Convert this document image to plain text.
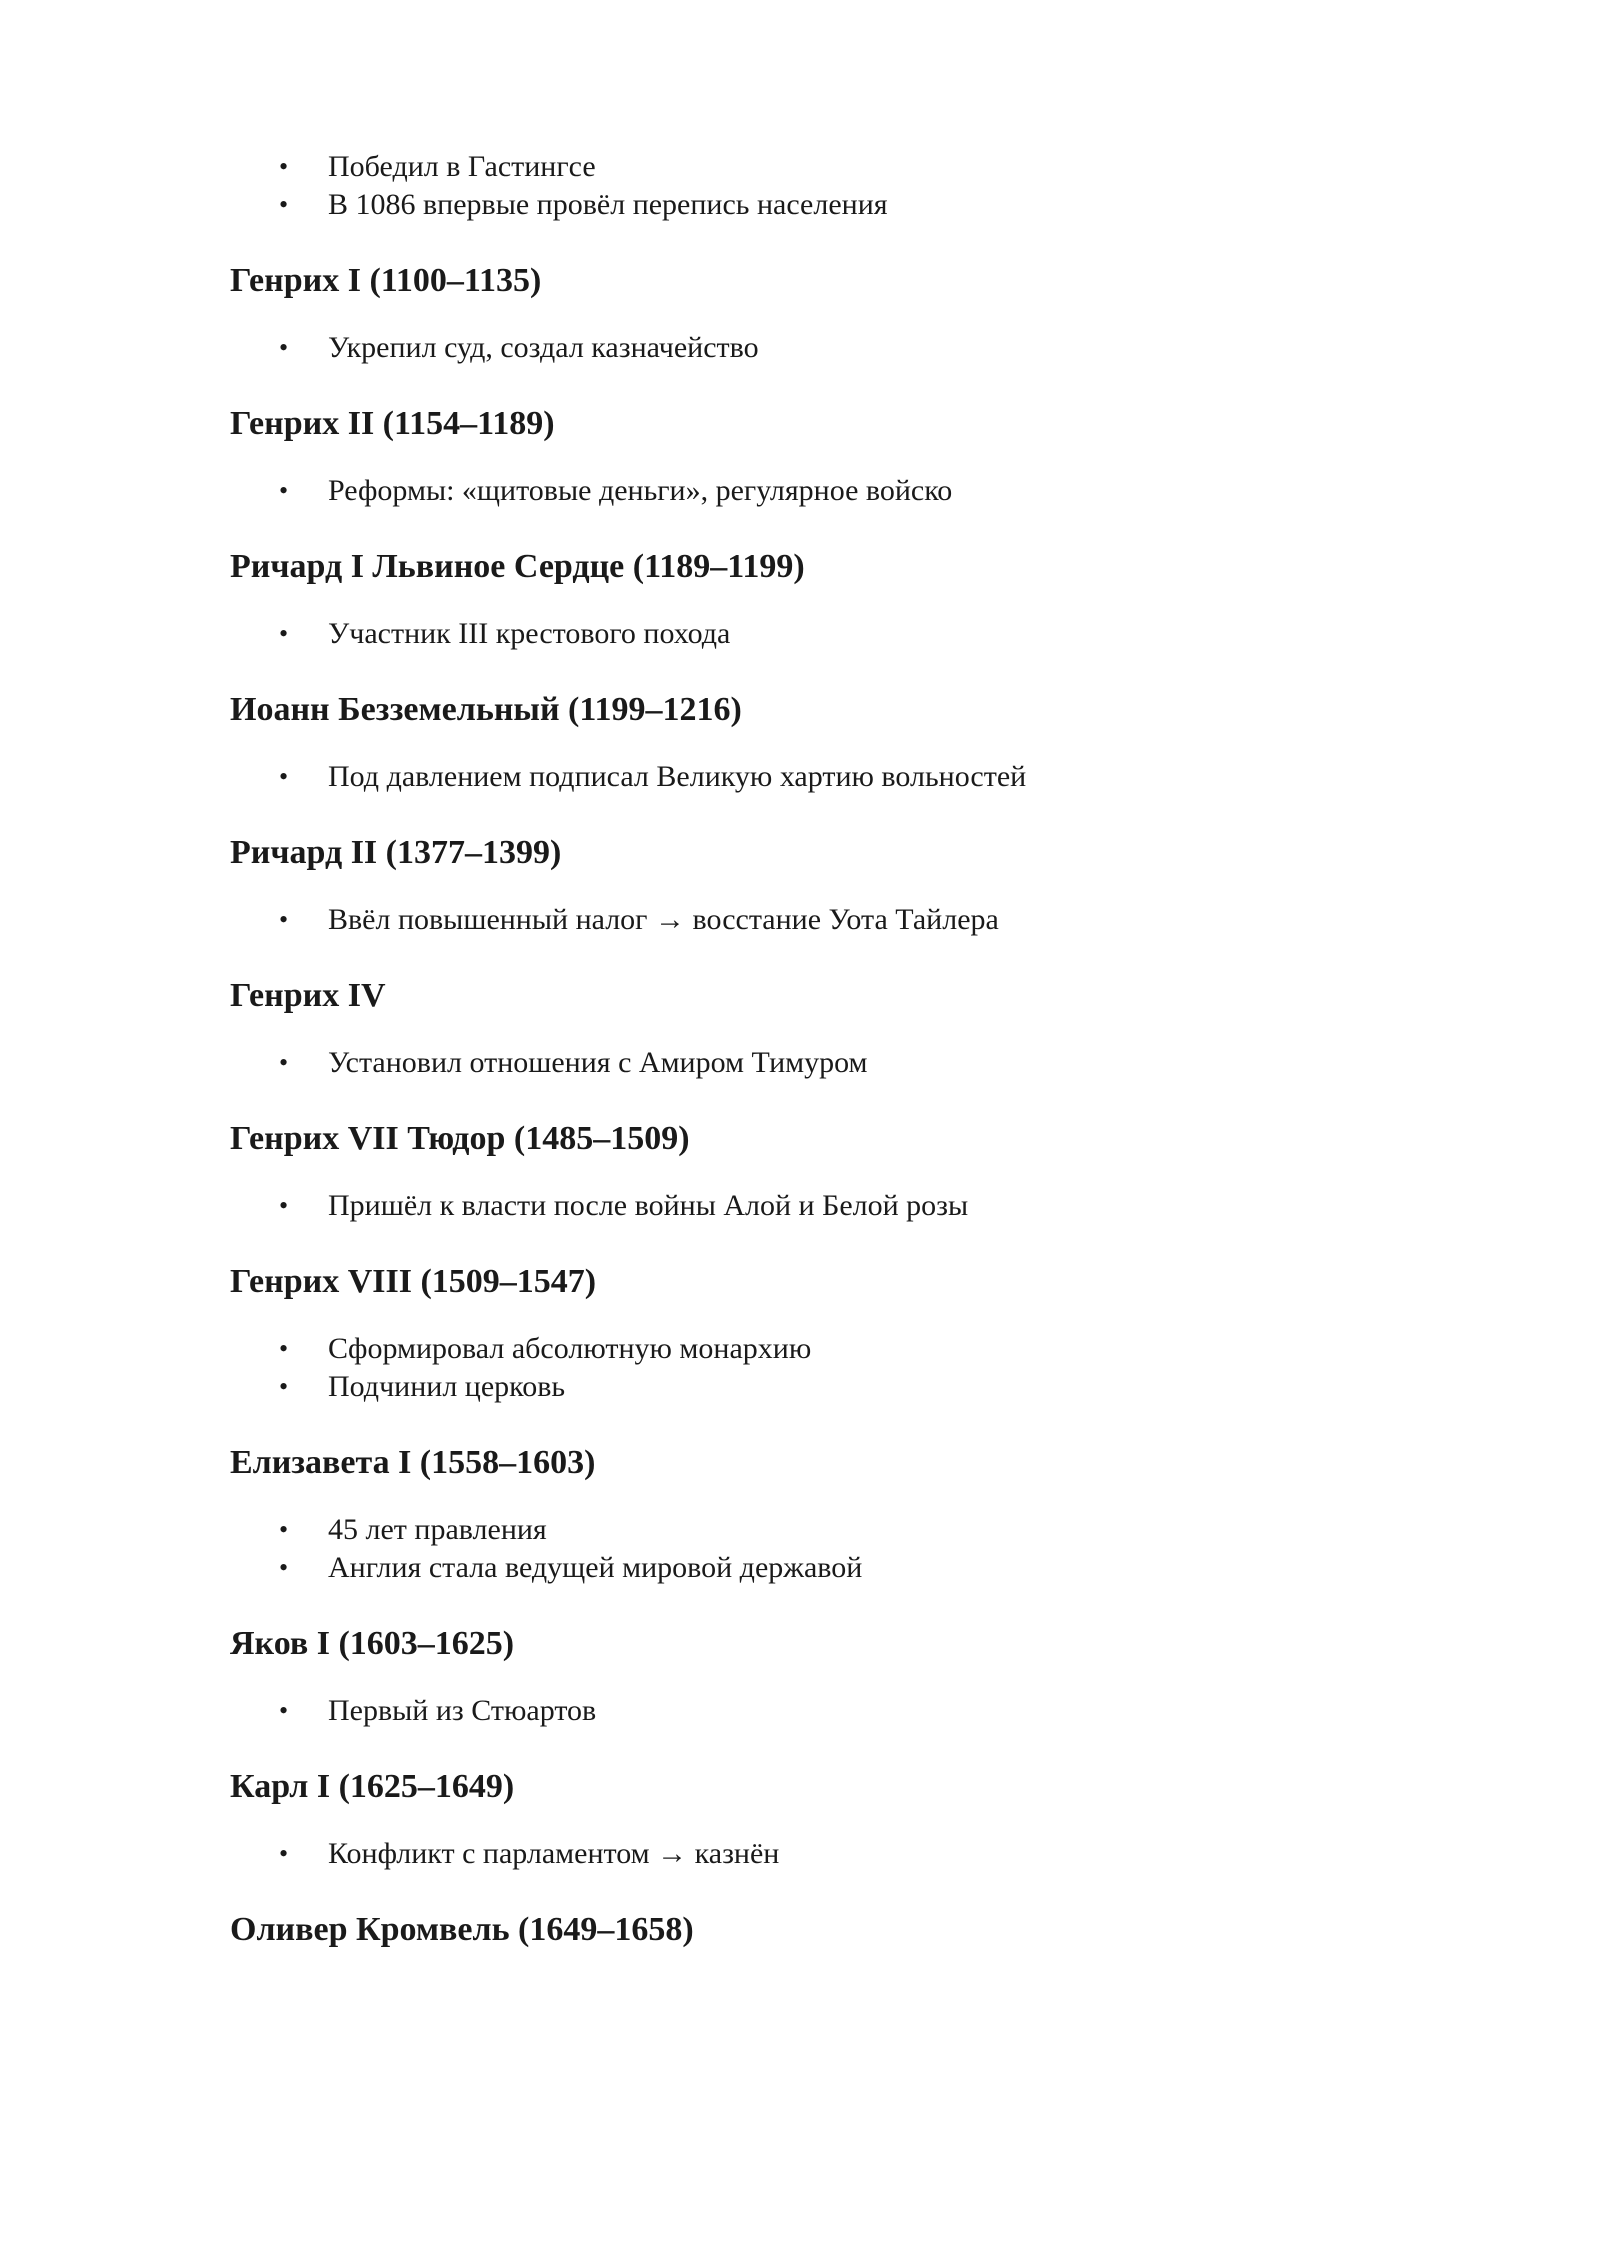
• Победил в Гастингсе
• В 1086 впервые провёл перепись населения
Генрих I (1100–1135)
• Укрепил суд, создал казначейство
Генрих II (1154–1189)
• Реформы: «щитовые деньги», регулярное войско
Ричард I Львиное Сердце (1189–1199)
• Участник III крестового похода
Иоанн Безземельный (1199–1216)
• Под давлением подписал Великую хартию вольностей
Ричард II (1377–1399)
• Ввёл повышенный налог → восстание Уота Тайлера
Генрих IV
• Установил отношения с Амиром Тимуром
Генрих VII Тюдор (1485–1509)
• Пришёл к власти после войны Алой и Белой розы
Генрих VIII (1509–1547)
• Сформировал абсолютную монархию
• Подчинил церковь
Елизавета I (1558–1603)
• 45 лет правления
• Англия стала ведущей мировой державой
Яков I (1603–1625)
• Первый из Стюартов
Карл I (1625–1649)
• Конфликт с парламентом → казнён
Оливер Кромвель (1649–1658)
